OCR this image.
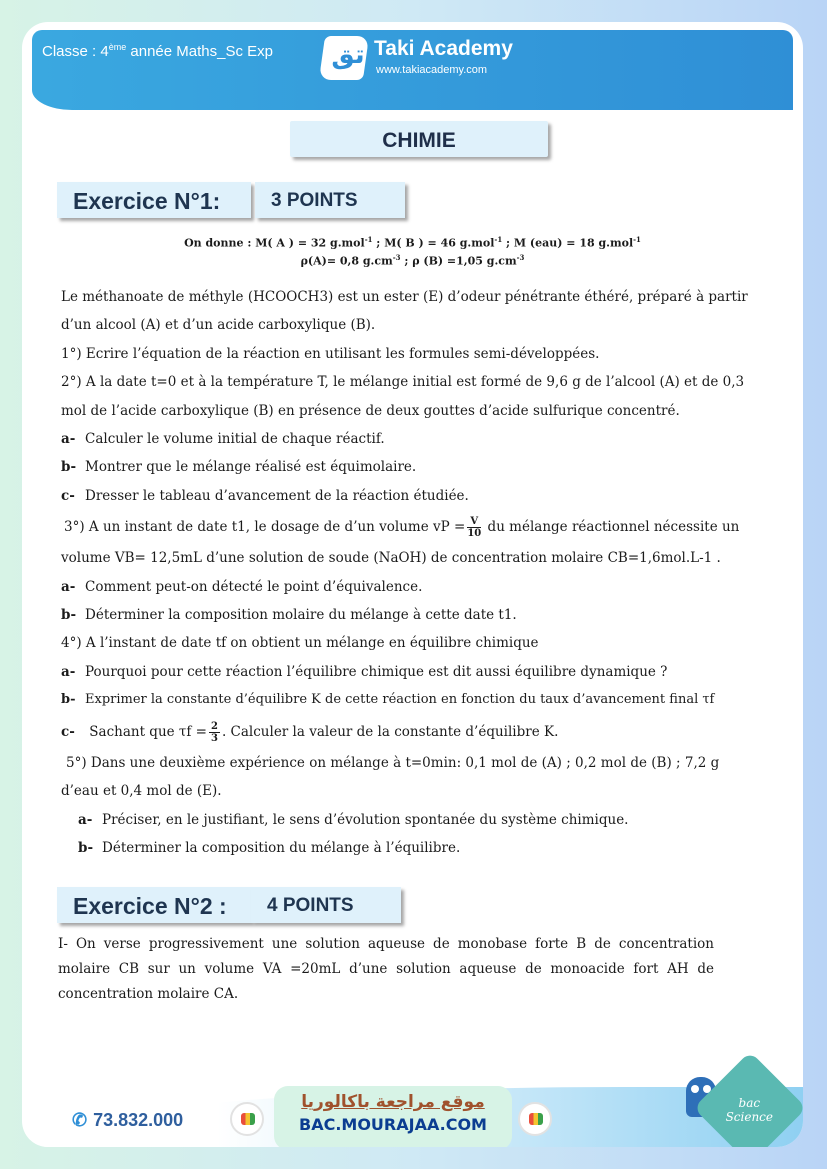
Classe : 4ème année Maths_Sc Exp تق Taki Academy
www.takiacademy.com
CHIMIE
Exercice N°1:	3 POINTS
On donne : M( A ) = 32 g.mol$^{-1}$ ; M( B ) = 46 g.mol$^{-1}$ ; M (eau) = 18 g.mol$^{-1}$
ρ(A)= 0,8 $g.cm^{-3}$ ; ρ (B) =1,05 $g.cm^{-3}$

Le méthanoate de méthyle (HCOOCH3) est un ester (E) d’odeur pénétrante éthéré, préparé à partir

d’un alcool (A) et d’un acide carboxylique (B).

1°) Ecrire l’équation de la réaction en utilisant les formules semi-développées.

2°) A la date t=0 et à la température T, le mélange initial est formé de 9,6 g de l’alcool (A) et de 0,3

mol de l’acide carboxylique (B) en présence de deux gouttes d’acide sulfurique concentré.

a- Calculer le volume initial de chaque réactif.

b- Montrer que le mélange réalisé est équimolaire.

c- Dresser le tableau d’avancement de la réaction étudiée.

3°) A un instant de date t1, le dosage de d’un volume vP = $\frac{V}{10}$ du mélange réactionnel nécessite un

volume VB= 12,5mL d’une solution de soude (NaOH) de concentration molaire CB=1,6mol.L-1 .

a- Comment peut-on détecté le point d’équivalence.

b- Déterminer la composition molaire du mélange à cette date t1.

4°) A l’instant de date tf on obtient un mélange en équilibre chimique

a- Pourquoi pour cette réaction l’équilibre chimique est dit aussi équilibre dynamique ?

b- Exprimer la constante d’équilibre K de cette réaction en fonction du taux d’avancement final τf

c- Sachant que $\tau f = \frac{2}{3}$ . Calculer la valeur de la constante d’équilibre K.

5°) Dans une deuxième expérience on mélange à t=0min: 0,1 mol de (A) ; 0,2 mol de (B) ; 7,2 g

d’eau et 0,4 mol de (E).

a- Préciser, en le justifiant, le sens d’évolution spontanée du système chimique.

b- Déterminer la composition du mélange à l’équilibre.

Exercice N°2 :	4 POINTS
I- On verse progressivement une solution aqueuse de monobase forte B de concentration molaire CB sur un volume VA =20mL d’une solution aqueuse de monoacide fort AH de concentration molaire CA.
✆ 73.832.000
موقع مراجعة باكالوريا
BAC.MOURAJAA.COM
bac Science
